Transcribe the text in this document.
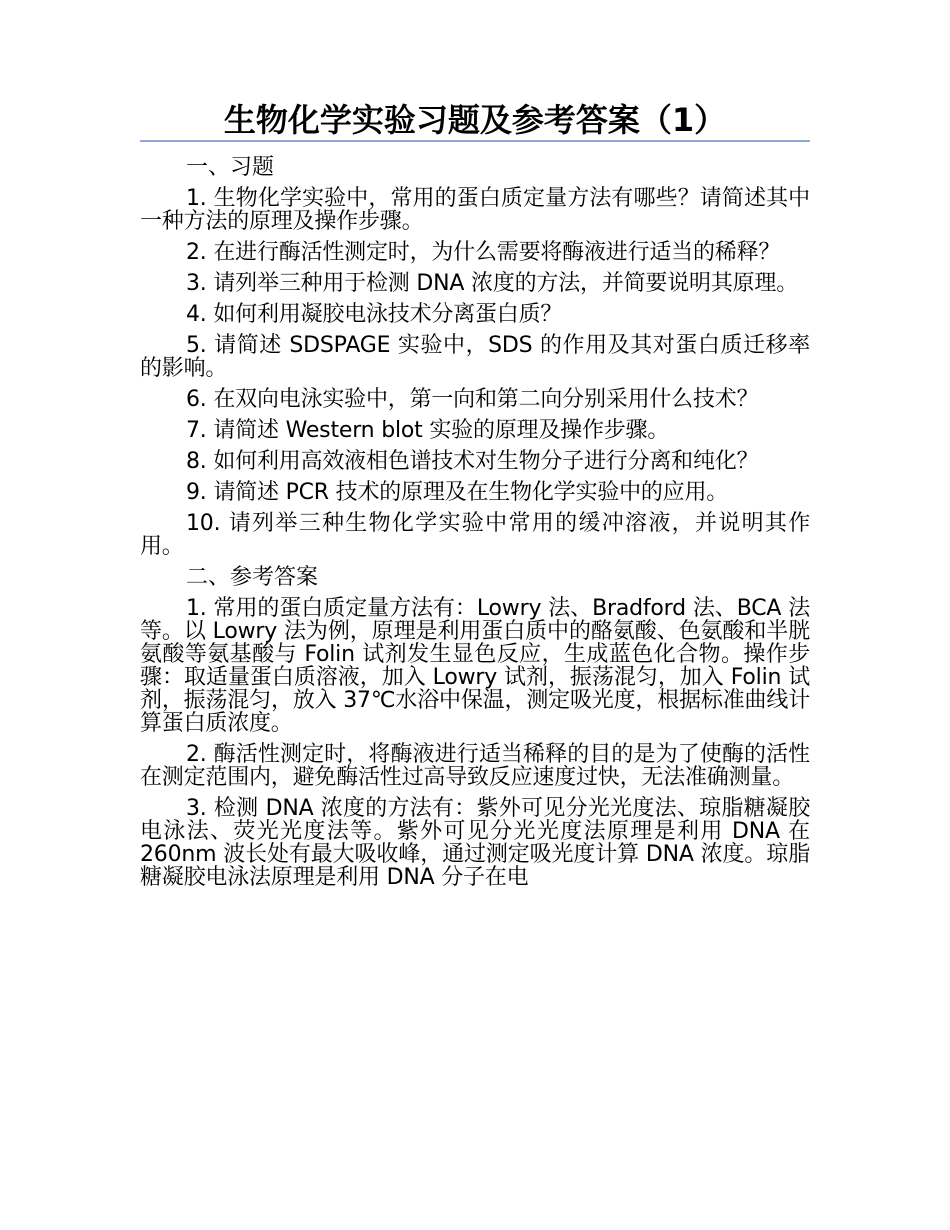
生物化学实验习题及参考答案（1）

一、习题

1. 生物化学实验中，常用的蛋白质定量方法有哪些？请简述其中一种方法的原理及操作步骤。

2. 在进行酶活性测定时，为什么需要将酶液进行适当的稀释？

3. 请列举三种用于检测 DNA 浓度的方法，并简要说明其原理。

4. 如何利用凝胶电泳技术分离蛋白质？

5. 请简述 SDSPAGE 实验中，SDS 的作用及其对蛋白质迁移率的影响。

6. 在双向电泳实验中，第一向和第二向分别采用什么技术？

7. 请简述 Western blot 实验的原理及操作步骤。

8. 如何利用高效液相色谱技术对生物分子进行分离和纯化？

9. 请简述 PCR 技术的原理及在生物化学实验中的应用。

10. 请列举三种生物化学实验中常用的缓冲溶液，并说明其作用。

二、参考答案

1. 常用的蛋白质定量方法有：Lowry 法、Bradford 法、BCA 法等。以 Lowry 法为例，原理是利用蛋白质中的酪氨酸、色氨酸和半胱氨酸等氨基酸与 Folin 试剂发生显色反应，生成蓝色化合物。操作步骤：取适量蛋白质溶液，加入 Lowry 试剂，振荡混匀，加入 Folin 试剂，振荡混匀，放入 37℃水浴中保温，测定吸光度，根据标准曲线计算蛋白质浓度。

2. 酶活性测定时，将酶液进行适当稀释的目的是为了使酶的活性在测定范围内，避免酶活性过高导致反应速度过快，无法准确测量。

3. 检测 DNA 浓度的方法有：紫外可见分光光度法、琼脂糖凝胶电泳法、荧光光度法等。紫外可见分光光度法原理是利用 DNA 在 260nm 波长处有最大吸收峰，通过测定吸光度计算 DNA 浓度。琼脂糖凝胶电泳法原理是利用 DNA 分子在电
